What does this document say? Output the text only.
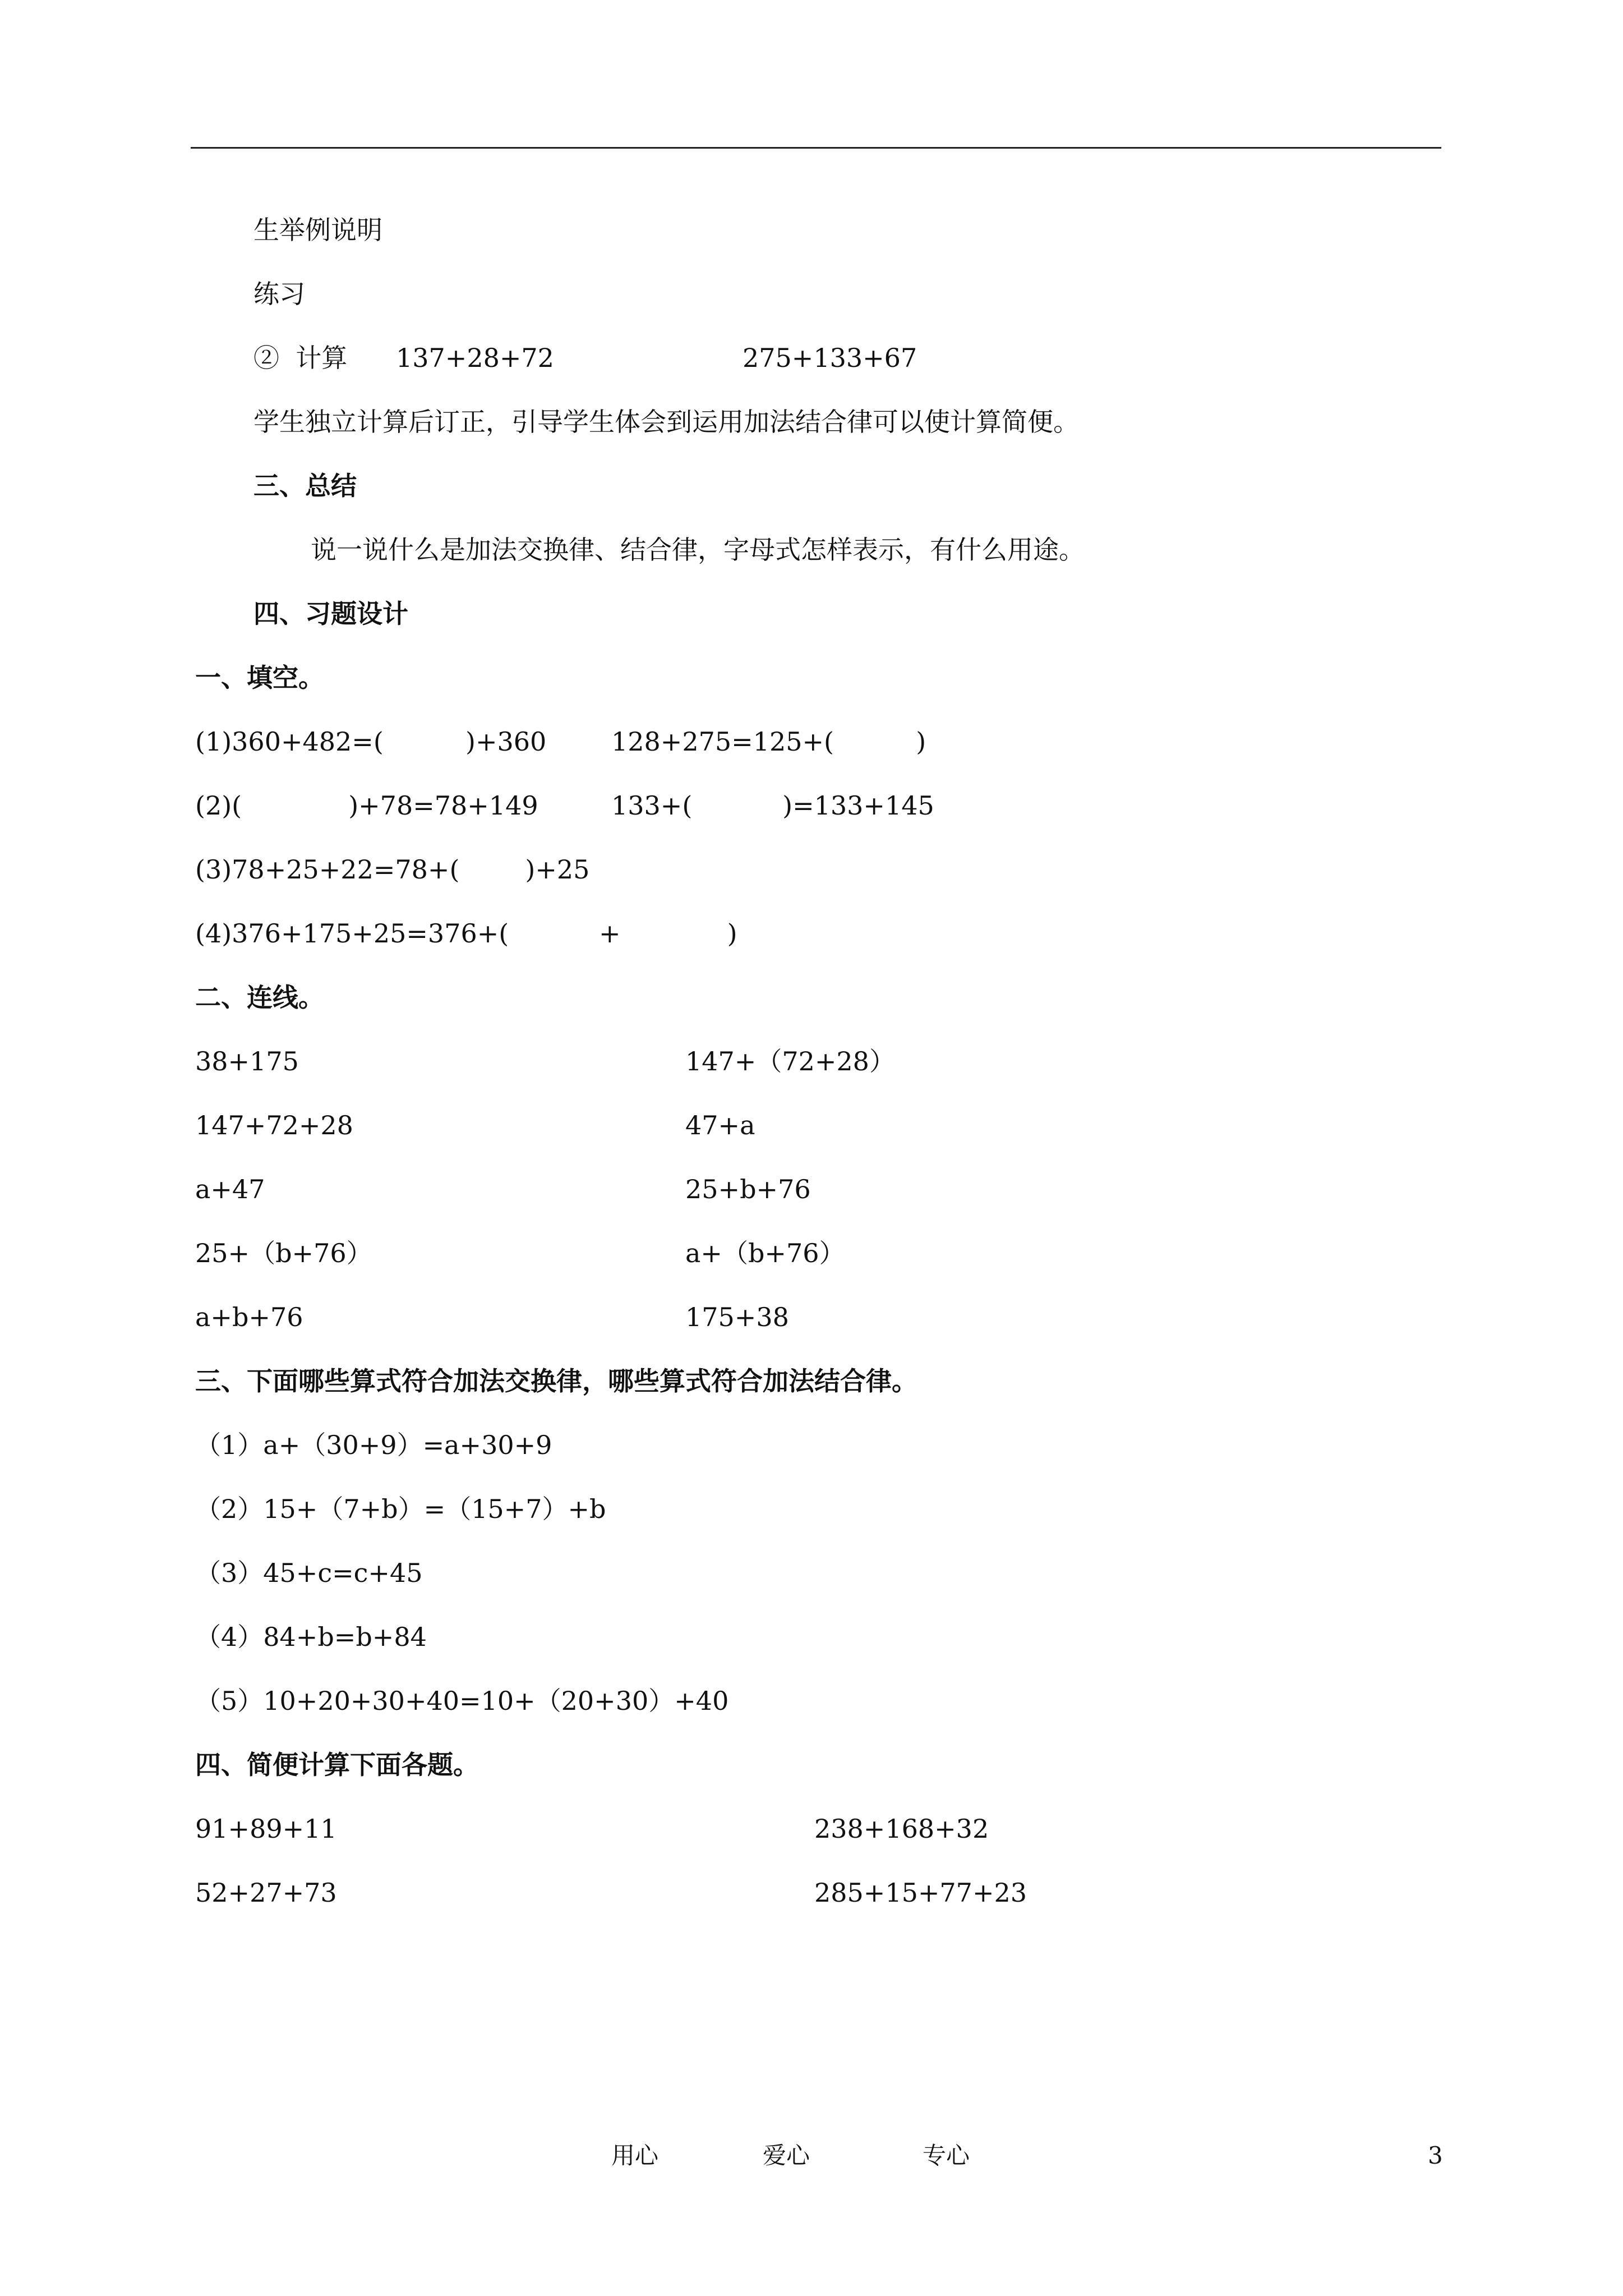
生举例说明
练习
②  计算 137+28+72	275+133+67
学生独立计算后订正，引导学生体会到运用加法结合律可以使计算简便。
三、总结
说一说什么是加法交换律、结合律，字母式怎样表示，有什么用途。
四、习题设计
一、填空。
(1)360+482=(          )+360	128+275=125+(          )
(2)(             )+78=78+149	133+(           )=133+145
(3)78+25+22=78+(        )+25
(4)376+175+25=376+(           +             )
二、连线。
38+175	147+（72+28）
147+72+28	47+a
a+47	25+b+76
25+（b+76）	a+（b+76）
a+b+76	175+38
三、下面哪些算式符合加法交换律，哪些算式符合加法结合律。
（1）a+（30+9）=a+30+9
（2）15+（7+b）=（15+7）+b
（3）45+c=c+45
（4）84+b=b+84
（5）10+20+30+40=10+（20+30）+40
四、简便计算下面各题。
91+89+11	238+168+32
52+27+73	285+15+77+23
用心	爱心	专心	3
